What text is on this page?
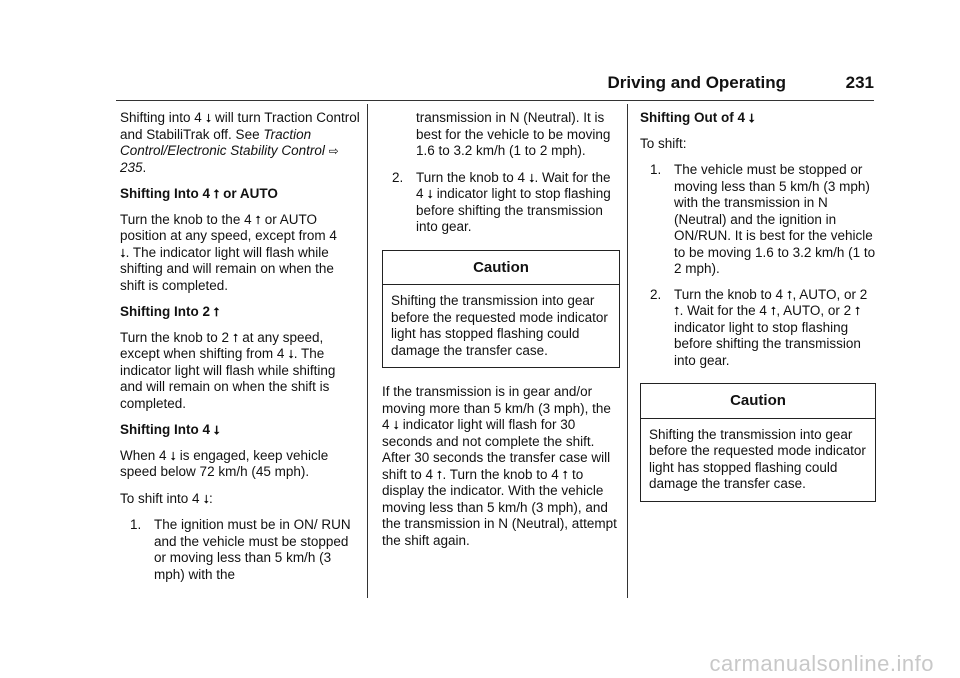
Driving and Operating	231

Shifting into 4 ⭣ will turn Traction Control and StabiliTrak off. See Traction Control/Electronic Stability Control ⇨ 235.

Shifting Into 4 ⭡ or AUTO

Turn the knob to the 4 ⭡ or AUTO position at any speed, except from 4
⭣. The indicator light will flash while shifting and will remain on when the shift is completed.

Shifting Into 2 ⭡

Turn the knob to 2 ⭡ at any speed, except when shifting from 4 ⭣. The indicator light will flash while shifting and will remain on when the shift is completed.

Shifting Into 4 ⭣

When 4 ⭣ is engaged, keep vehicle speed below 72 km/h (45 mph).

To shift into 4 ⭣:

1. The ignition must be in ON/ RUN and the vehicle must be stopped or moving less than 5 km/h (3 mph) with the

transmission in N (Neutral). It is best for the vehicle to be moving 1.6 to 3.2 km/h (1 to 2 mph).

2. Turn the knob to 4 ⭣. Wait for the 4 ⭣ indicator light to stop flashing before shifting the transmission into gear.
Caution
Shifting the transmission into gear before the requested mode indicator light has stopped flashing could damage the transfer case.

If the transmission is in gear and/or moving more than 5 km/h (3 mph), the 4 ⭣ indicator light will flash for 30 seconds and not complete the shift. After 30 seconds the transfer case will shift to 4 ⭡. Turn the knob to 4 ⭡ to display the indicator. With the vehicle moving less than 5 km/h (3 mph), and the transmission in N (Neutral), attempt the shift again.

Shifting Out of 4 ⭣

To shift:

1. The vehicle must be stopped or moving less than 5 km/h (3 mph) with the transmission in N (Neutral) and the ignition in ON/RUN. It is best for the vehicle to be moving 1.6 to 3.2 km/h (1 to 2 mph).
2. Turn the knob to 4 ⭡, AUTO, or 2 ⭡. Wait for the 4 ⭡, AUTO, or 2 ⭡ indicator light to stop flashing before shifting the transmission into gear.
Caution
Shifting the transmission into gear before the requested mode indicator light has stopped flashing could damage the transfer case.
carmanualsonline.info
